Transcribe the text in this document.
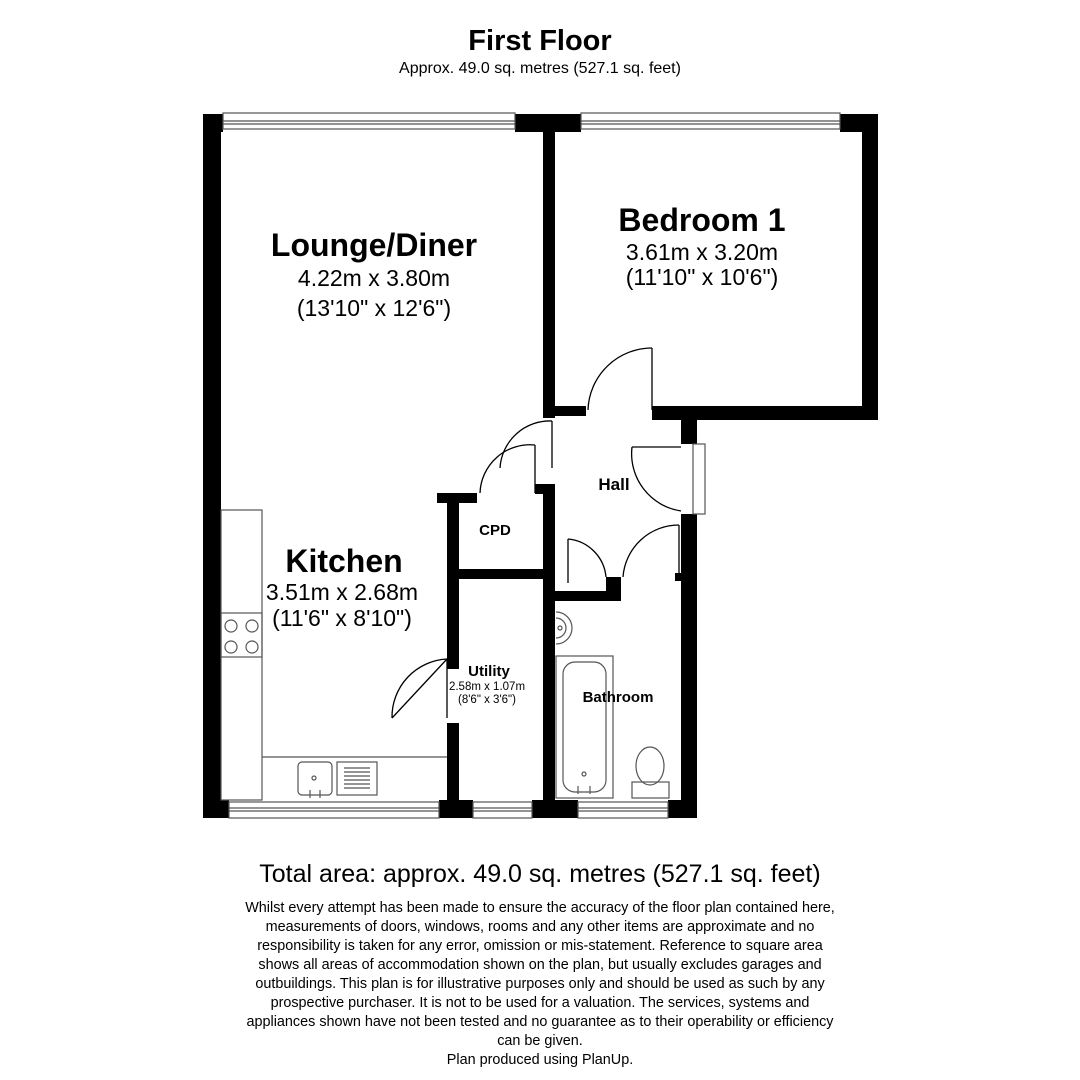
First Floor
Approx. 49.0 sq. metres (527.1 sq. feet)
Lounge/Diner
4.22m x 3.80m
(13'10" x 12'6")
Bedroom 1
3.61m x 3.20m
(11'10" x 10'6")
Kitchen
3.51m x 2.68m
(11'6" x 8'10")
Hall
CPD
Utility
2.58m x 1.07m
(8'6" x 3'6")	Bathroom
Total area: approx. 49.0 sq. metres (527.1 sq. feet)
Whilst every attempt has been made to ensure the accuracy of the floor plan contained here,
measurements of doors, windows, rooms and any other items are approximate and no
responsibility is taken for any error, omission or mis-statement. Reference to square area
shows all areas of accommodation shown on the plan, but usually excludes garages and
outbuildings. This plan is for illustrative purposes only and should be used as such by any
prospective purchaser. It is not to be used for a valuation. The services, systems and
appliances shown have not been tested and no guarantee as to their operability or efficiency
can be given.
Plan produced using PlanUp.
